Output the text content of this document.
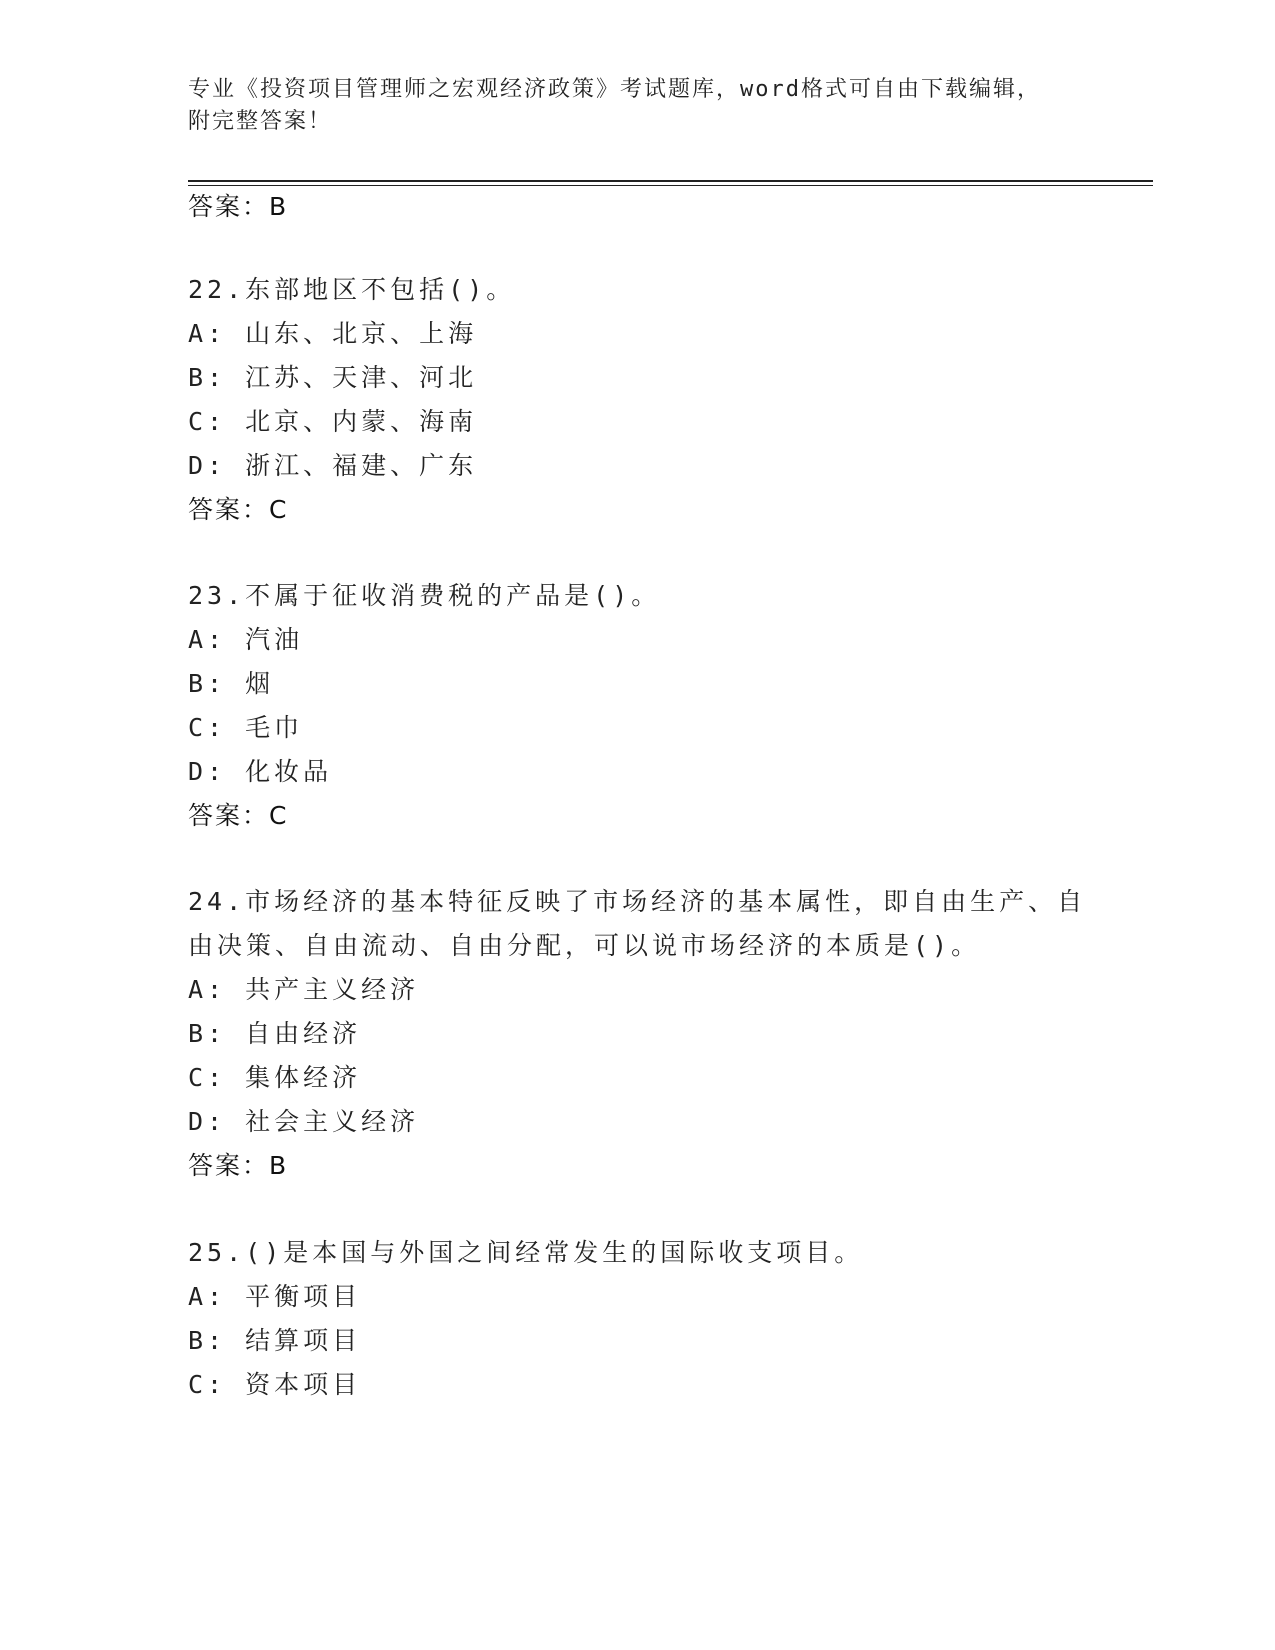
专业《投资项目管理师之宏观经济政策》考试题库，word格式可自由下载编辑，
附完整答案！
答案：B
22.东部地区不包括()。
A: 山东、北京、上海
B: 江苏、天津、河北
C: 北京、内蒙、海南
D: 浙江、福建、广东
答案：C
23.不属于征收消费税的产品是()。
A: 汽油
B: 烟
C: 毛巾
D: 化妆品
答案：C
24.市场经济的基本特征反映了市场经济的基本属性，即自由生产、自
由决策、自由流动、自由分配，可以说市场经济的本质是()。
A: 共产主义经济
B: 自由经济
C: 集体经济
D: 社会主义经济
答案：B
25.()是本国与外国之间经常发生的国际收支项目。
A: 平衡项目
B: 结算项目
C: 资本项目
